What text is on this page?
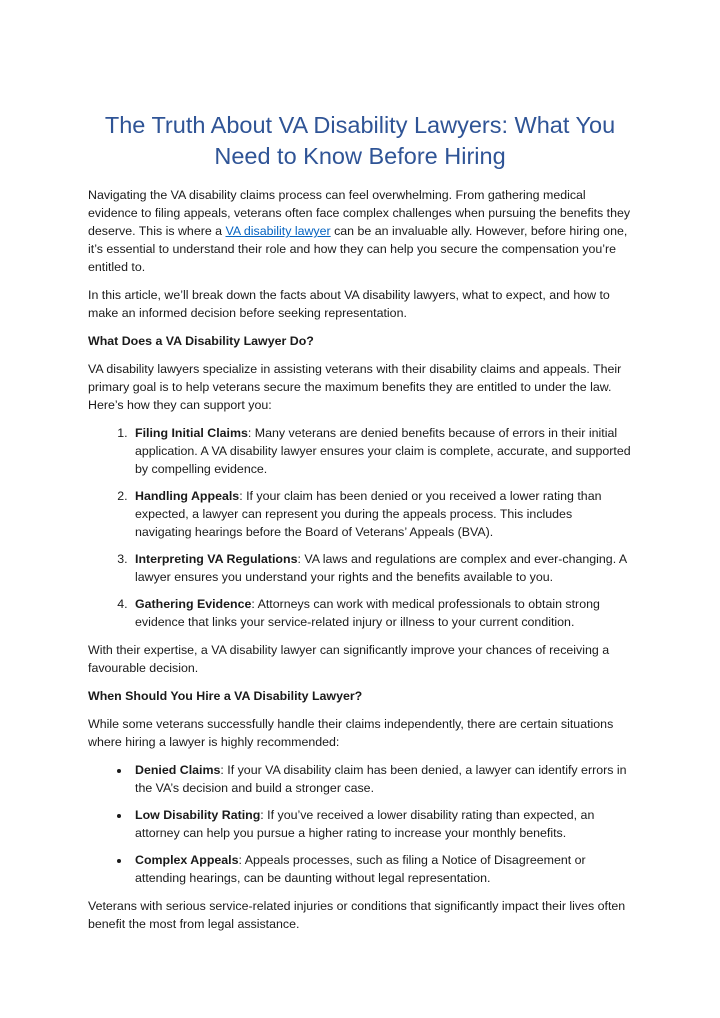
The Truth About VA Disability Lawyers: What You Need to Know Before Hiring

Navigating the VA disability claims process can feel overwhelming. From gathering medical evidence to filing appeals, veterans often face complex challenges when pursuing the benefits they deserve. This is where a VA disability lawyer can be an invaluable ally. However, before hiring one, it’s essential to understand their role and how they can help you secure the compensation you’re entitled to.

In this article, we’ll break down the facts about VA disability lawyers, what to expect, and how to make an informed decision before seeking representation.

What Does a VA Disability Lawyer Do?

VA disability lawyers specialize in assisting veterans with their disability claims and appeals. Their primary goal is to help veterans secure the maximum benefits they are entitled to under the law. Here’s how they can support you:

1. Filing Initial Claims: Many veterans are denied benefits because of errors in their initial application. A VA disability lawyer ensures your claim is complete, accurate, and supported by compelling evidence.
2. Handling Appeals: If your claim has been denied or you received a lower rating than expected, a lawyer can represent you during the appeals process. This includes navigating hearings before the Board of Veterans’ Appeals (BVA).
3. Interpreting VA Regulations: VA laws and regulations are complex and ever-changing. A lawyer ensures you understand your rights and the benefits available to you.
4. Gathering Evidence: Attorneys can work with medical professionals to obtain strong evidence that links your service-related injury or illness to your current condition.

With their expertise, a VA disability lawyer can significantly improve your chances of receiving a favourable decision.

When Should You Hire a VA Disability Lawyer?

While some veterans successfully handle their claims independently, there are certain situations where hiring a lawyer is highly recommended:

• Denied Claims: If your VA disability claim has been denied, a lawyer can identify errors in the VA’s decision and build a stronger case.
• Low Disability Rating: If you’ve received a lower disability rating than expected, an attorney can help you pursue a higher rating to increase your monthly benefits.
• Complex Appeals: Appeals processes, such as filing a Notice of Disagreement or attending hearings, can be daunting without legal representation.

Veterans with serious service-related injuries or conditions that significantly impact their lives often benefit the most from legal assistance.
